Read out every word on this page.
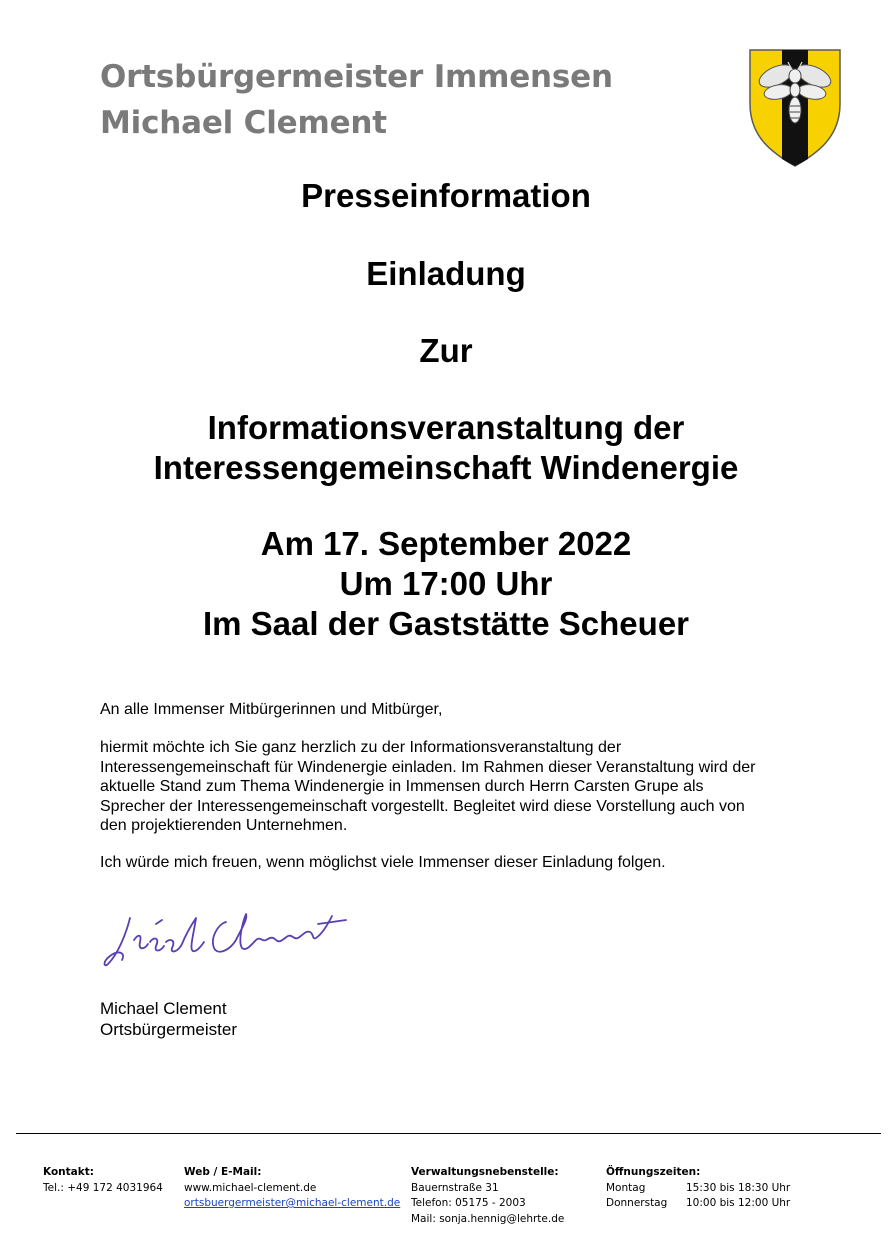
Ortsbürgermeister Immensen
Michael Clement
Presseinformation
Einladung
Zur
Informationsveranstaltung der
Interessengemeinschaft Windenergie
Am 17. September 2022
Um 17:00 Uhr
Im Saal der Gaststätte Scheuer
An alle Immenser Mitbürgerinnen und Mitbürger,
hiermit möchte ich Sie ganz herzlich zu der Informationsveranstaltung der
Interessengemeinschaft für Windenergie einladen. Im Rahmen dieser Veranstaltung wird der
aktuelle Stand zum Thema Windenergie in Immensen durch Herrn Carsten Grupe als
Sprecher der Interessengemeinschaft vorgestellt. Begleitet wird diese Vorstellung auch von
den projektierenden Unternehmen.
Ich würde mich freuen, wenn möglichst viele Immenser dieser Einladung folgen.
Michael Clement
Ortsbürgermeister
Kontakt:
Tel.: +49 172 4031964
Web / E-Mail:
www.michael-clement.de
ortsbuergermeister@michael-clement.de
Verwaltungsnebenstelle:
Bauernstraße 31
Telefon: 05175 - 2003
Mail: sonja.hennig@lehrte.de
Öffnungszeiten:
Montag	15:30 bis 18:30 Uhr
Donnerstag	10:00 bis 12:00 Uhr
